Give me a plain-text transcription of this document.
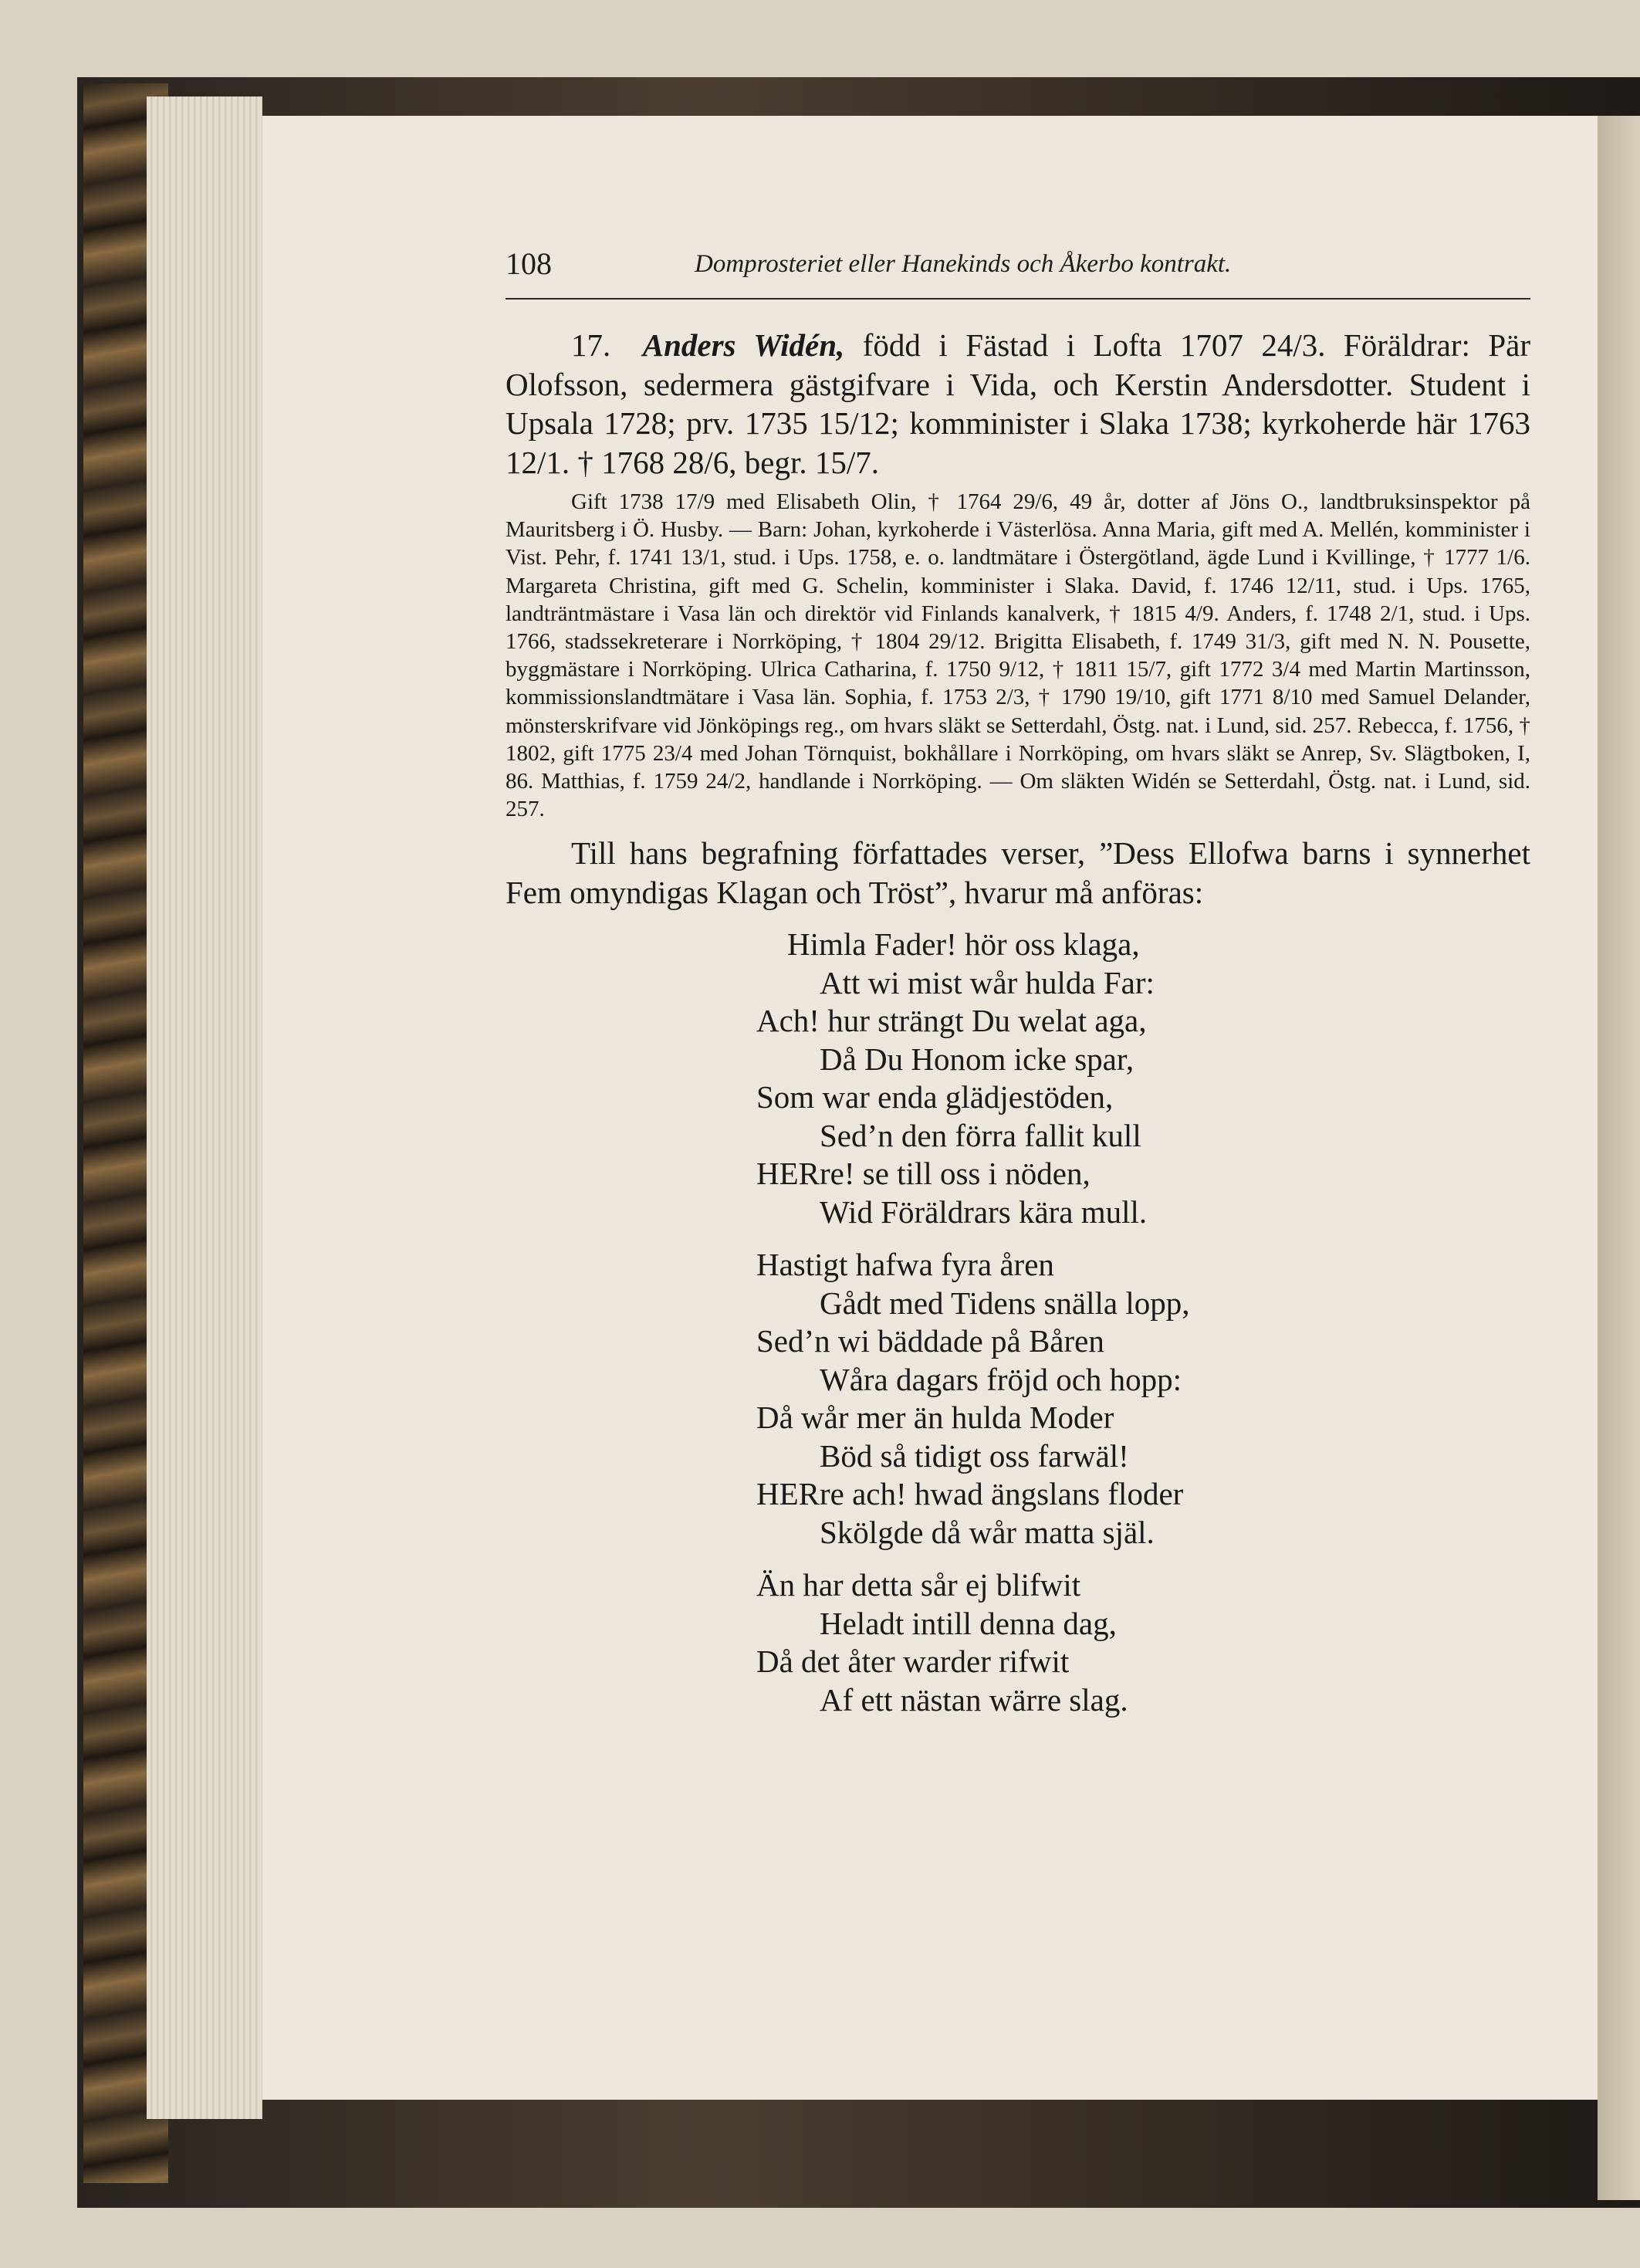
108	Domprosteriet eller Hanekinds och Åkerbo kontrakt.

17. Anders Widén, född i Fästad i Lofta 1707 24/3. Föräldrar: Pär Olofsson, sedermera gästgifvare i Vida, och Kerstin Andersdotter. Student i Upsala 1728; prv. 1735 15/12; komminister i Slaka 1738; kyrkoherde här 1763 12/1. † 1768 28/6, begr. 15/7.

Gift 1738 17/9 med Elisabeth Olin, † 1764 29/6, 49 år, dotter af Jöns O., landtbruksinspektor på Mauritsberg i Ö. Husby. — Barn: Johan, kyrkoherde i Västerlösa. Anna Maria, gift med A. Mellén, komminister i Vist. Pehr, f. 1741 13/1, stud. i Ups. 1758, e. o. landtmätare i Östergötland, ägde Lund i Kvillinge, † 1777 1/6. Margareta Christina, gift med G. Schelin, komminister i Slaka. David, f. 1746 12/11, stud. i Ups. 1765, landträntmästare i Vasa län och direktör vid Finlands kanalverk, † 1815 4/9. Anders, f. 1748 2/1, stud. i Ups. 1766, stadssekreterare i Norrköping, † 1804 29/12. Brigitta Elisabeth, f. 1749 31/3, gift med N. N. Pousette, byggmästare i Norrköping. Ulrica Catharina, f. 1750 9/12, † 1811 15/7, gift 1772 3/4 med Martin Martinsson, kommissionslandtmätare i Vasa län. Sophia, f. 1753 2/3, † 1790 19/10, gift 1771 8/10 med Samuel Delander, mönsterskrifvare vid Jönköpings reg., om hvars släkt se Setterdahl, Östg. nat. i Lund, sid. 257. Rebecca, f. 1756, † 1802, gift 1775 23/4 med Johan Törnquist, bokhållare i Norrköping, om hvars släkt se Anrep, Sv. Slägtboken, I, 86. Matthias, f. 1759 24/2, handlande i Norrköping. — Om släkten Widén se Setterdahl, Östg. nat. i Lund, sid. 257.

Till hans begrafning författades verser, ”Dess Ellofwa barns i synnerhet Fem omyndigas Klagan och Tröst”, hvarur må anföras:

Himla Fader! hör oss klaga,
Att wi mist wår hulda Far:
Ach! hur strängt Du welat aga,
Då Du Honom icke spar,
Som war enda glädjestöden,
Sed’n den förra fallit kull
HERre! se till oss i nöden,
Wid Föräldrars kära mull.
Hastigt hafwa fyra åren
Gådt med Tidens snälla lopp,
Sed’n wi bäddade på Båren
Wåra dagars fröjd och hopp:
Då wår mer än hulda Moder
Böd så tidigt oss farwäl!
HERre ach! hwad ängslans floder
Skölgde då wår matta själ.
Än har detta sår ej blifwit
Heladt intill denna dag,
Då det åter warder rifwit
Af ett nästan wärre slag.
